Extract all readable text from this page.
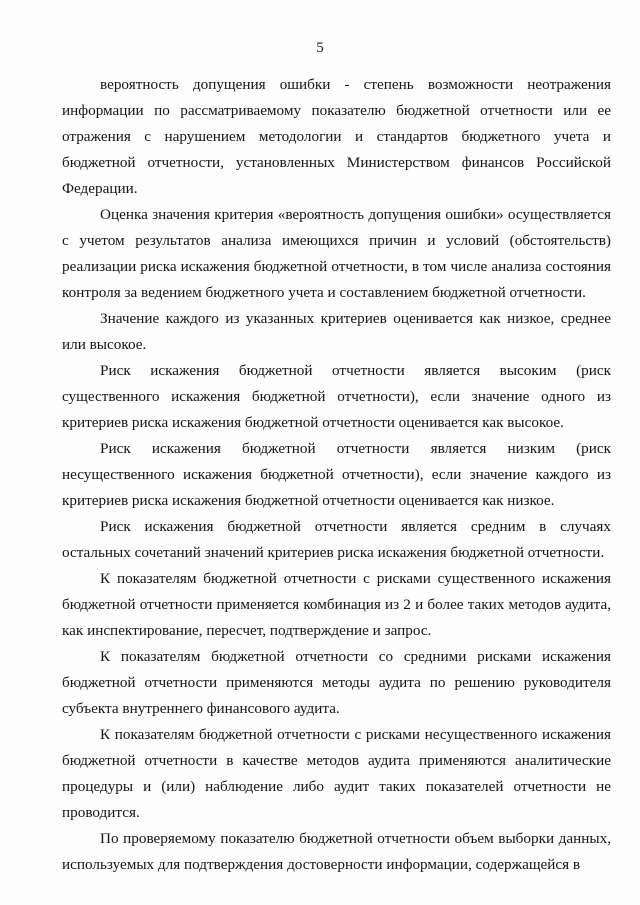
5

вероятность допущения ошибки - степень возможности неотражения информации по рассматриваемому показателю бюджетной отчетности или ее отражения с нарушением методологии и стандартов бюджетного учета и бюджетной отчетности, установленных Министерством финансов Российской Федерации.

Оценка значения критерия «вероятность допущения ошибки» осуществляется с учетом результатов анализа имеющихся причин и условий (обстоятельств) реализации риска искажения бюджетной отчетности, в том числе анализа состояния контроля за ведением бюджетного учета и составлением бюджетной отчетности.

Значение каждого из указанных критериев оценивается как низкое, среднее или высокое.

Риск искажения бюджетной отчетности является высоким (риск существенного искажения бюджетной отчетности), если значение одного из критериев риска искажения бюджетной отчетности оценивается как высокое.

Риск искажения бюджетной отчетности является низким (риск несущественного искажения бюджетной отчетности), если значение каждого из критериев риска искажения бюджетной отчетности оценивается как низкое.

Риск искажения бюджетной отчетности является средним в случаях остальных сочетаний значений критериев риска искажения бюджетной отчетности.

К показателям бюджетной отчетности с рисками существенного искажения бюджетной отчетности применяется комбинация из 2 и более таких методов аудита, как инспектирование, пересчет, подтверждение и запрос.

К показателям бюджетной отчетности со средними рисками искажения бюджетной отчетности применяются методы аудита по решению руководителя субъекта внутреннего финансового аудита.

К показателям бюджетной отчетности с рисками несущественного искажения бюджетной отчетности в качестве методов аудита применяются аналитические процедуры и (или) наблюдение либо аудит таких показателей отчетности не проводится.

По проверяемому показателю бюджетной отчетности объем выборки данных, используемых для подтверждения достоверности информации, содержащейся в
